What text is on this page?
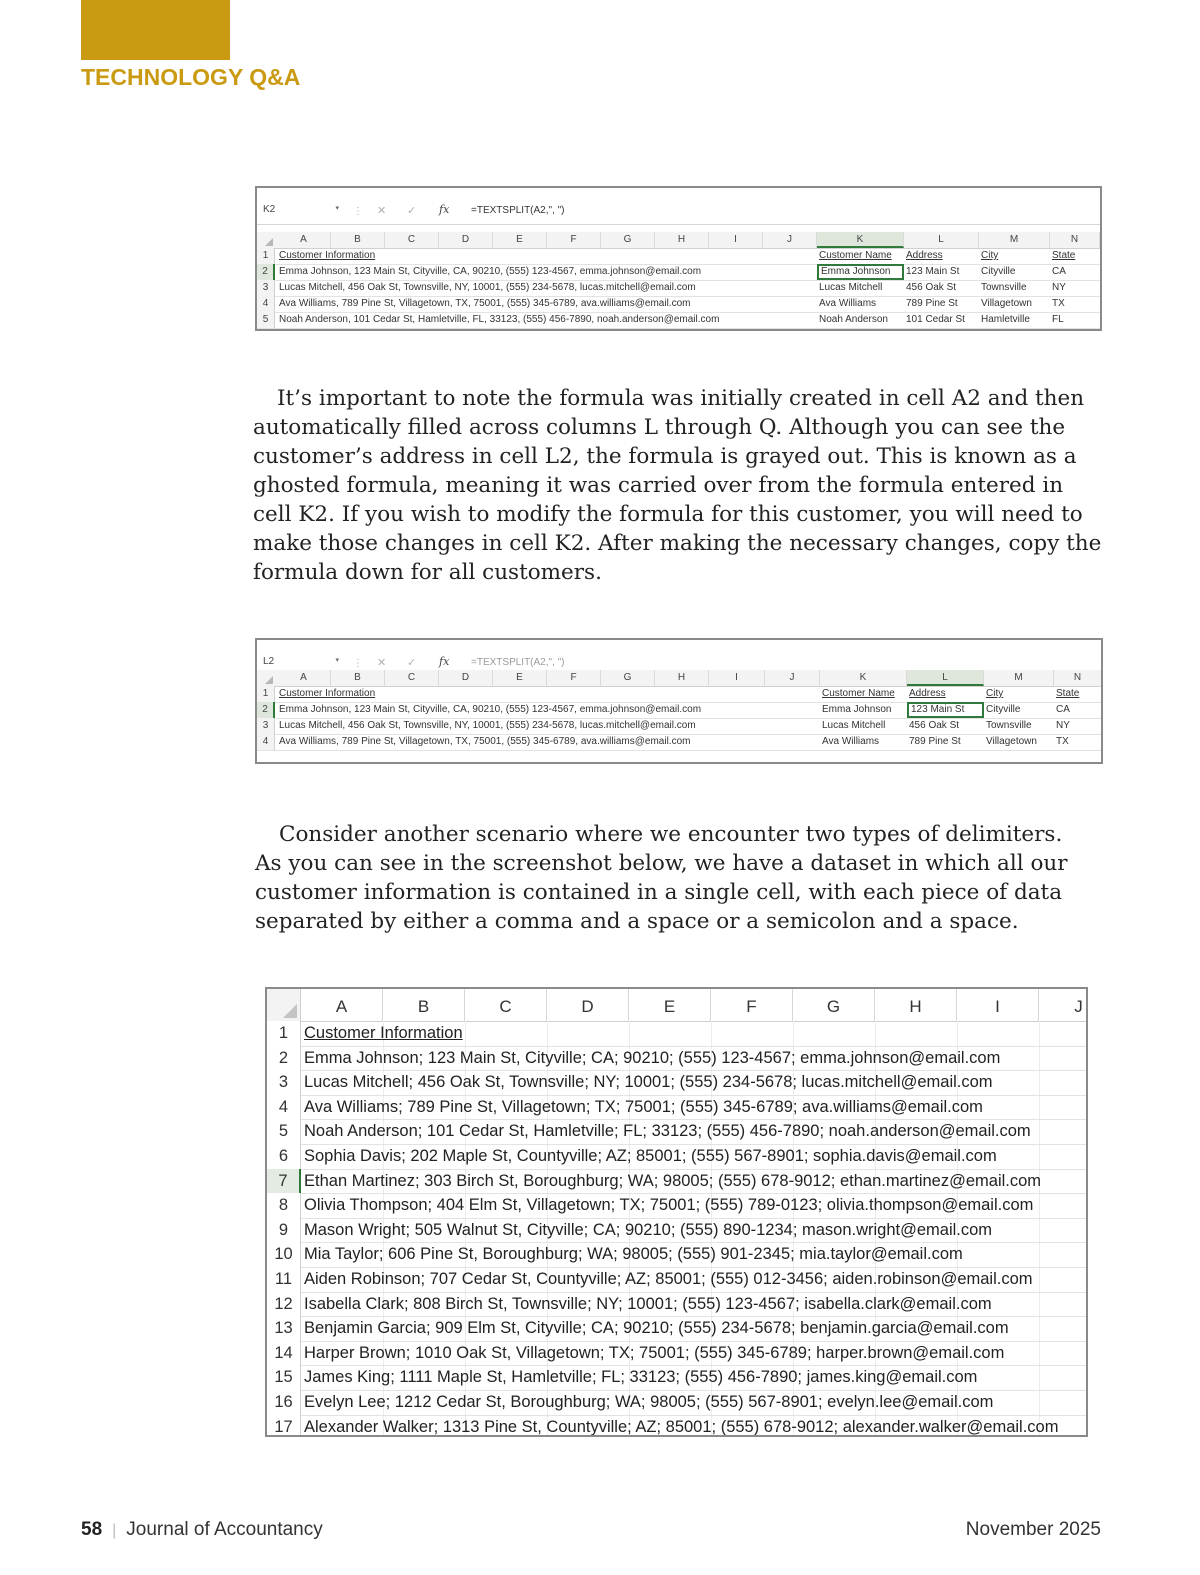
TECHNOLOGY Q&A
K2	▾ ⋮ ✕ ✓ fx =TEXTSPLIT(A2,", ")
A	B	C	D	E	F	G	H	I	J	K	L	M	N
1	Customer Information	Customer Name	Address	City	State
2	Emma Johnson, 123 Main St, Cityville, CA, 90210, (555) 123-4567, emma.johnson@email.com	Emma Johnson	123 Main St	Cityville	CA
3	Lucas Mitchell, 456 Oak St, Townsville, NY, 10001, (555) 234-5678, lucas.mitchell@email.com	Lucas Mitchell	456 Oak St	Townsville	NY
4	Ava Williams, 789 Pine St, Villagetown, TX, 75001, (555) 345-6789, ava.williams@email.com	Ava Williams	789 Pine St	Villagetown	TX
5	Noah Anderson, 101 Cedar St, Hamletville, FL, 33123, (555) 456-7890, noah.anderson@email.com	Noah Anderson	101 Cedar St	Hamletville	FL
It’s important to note the formula was initially created in cell A2 and then
automatically filled across columns L through Q. Although you can see the
customer’s address in cell L2, the formula is grayed out. This is known as a
ghosted formula, meaning it was carried over from the formula entered in
cell K2. If you wish to modify the formula for this customer, you will need to
make those changes in cell K2. After making the necessary changes, copy the
formula down for all customers.
L2	▾ ⋮ ✕ ✓ fx =TEXTSPLIT(A2,", ")
A	B	C	D	E	F	G	H	I	J	K	L	M	N
1	Customer Information	Customer Name	Address	City	State
2	Emma Johnson, 123 Main St, Cityville, CA, 90210, (555) 123-4567, emma.johnson@email.com	Emma Johnson	123 Main St	Cityville	CA
3	Lucas Mitchell, 456 Oak St, Townsville, NY, 10001, (555) 234-5678, lucas.mitchell@email.com	Lucas Mitchell	456 Oak St	Townsville	NY
4	Ava Williams, 789 Pine St, Villagetown, TX, 75001, (555) 345-6789, ava.williams@email.com	Ava Williams	789 Pine St	Villagetown	TX
Consider another scenario where we encounter two types of delimiters.
As you can see in the screenshot below, we have a dataset in which all our
customer information is contained in a single cell, with each piece of data
separated by either a comma and a space or a semicolon and a space.
A	B	C	D	E	F	G	H	I	J
1 Customer Information
2 Emma Johnson; 123 Main St, Cityville; CA; 90210; (555) 123-4567; emma.johnson@email.com
3 Lucas Mitchell; 456 Oak St, Townsville; NY; 10001; (555) 234-5678; lucas.mitchell@email.com
4 Ava Williams; 789 Pine St, Villagetown; TX; 75001; (555) 345-6789; ava.williams@email.com
5 Noah Anderson; 101 Cedar St, Hamletville; FL; 33123; (555) 456-7890; noah.anderson@email.com
6 Sophia Davis; 202 Maple St, Countyville; AZ; 85001; (555) 567-8901; sophia.davis@email.com
7 Ethan Martinez; 303 Birch St, Boroughburg; WA; 98005; (555) 678-9012; ethan.martinez@email.com
8 Olivia Thompson; 404 Elm St, Villagetown; TX; 75001; (555) 789-0123; olivia.thompson@email.com
9 Mason Wright; 505 Walnut St, Cityville; CA; 90210; (555) 890-1234; mason.wright@email.com
10 Mia Taylor; 606 Pine St, Boroughburg; WA; 98005; (555) 901-2345; mia.taylor@email.com
11 Aiden Robinson; 707 Cedar St, Countyville; AZ; 85001; (555) 012-3456; aiden.robinson@email.com
12 Isabella Clark; 808 Birch St, Townsville; NY; 10001; (555) 123-4567; isabella.clark@email.com
13 Benjamin Garcia; 909 Elm St, Cityville; CA; 90210; (555) 234-5678; benjamin.garcia@email.com
14 Harper Brown; 1010 Oak St, Villagetown; TX; 75001; (555) 345-6789; harper.brown@email.com
15 James King; 1111 Maple St, Hamletville; FL; 33123; (555) 456-7890; james.king@email.com
16 Evelyn Lee; 1212 Cedar St, Boroughburg; WA; 98005; (555) 567-8901; evelyn.lee@email.com
17 Alexander Walker; 1313 Pine St, Countyville; AZ; 85001; (555) 678-9012; alexander.walker@email.com
58 | Journal of Accountancy	November 2025
